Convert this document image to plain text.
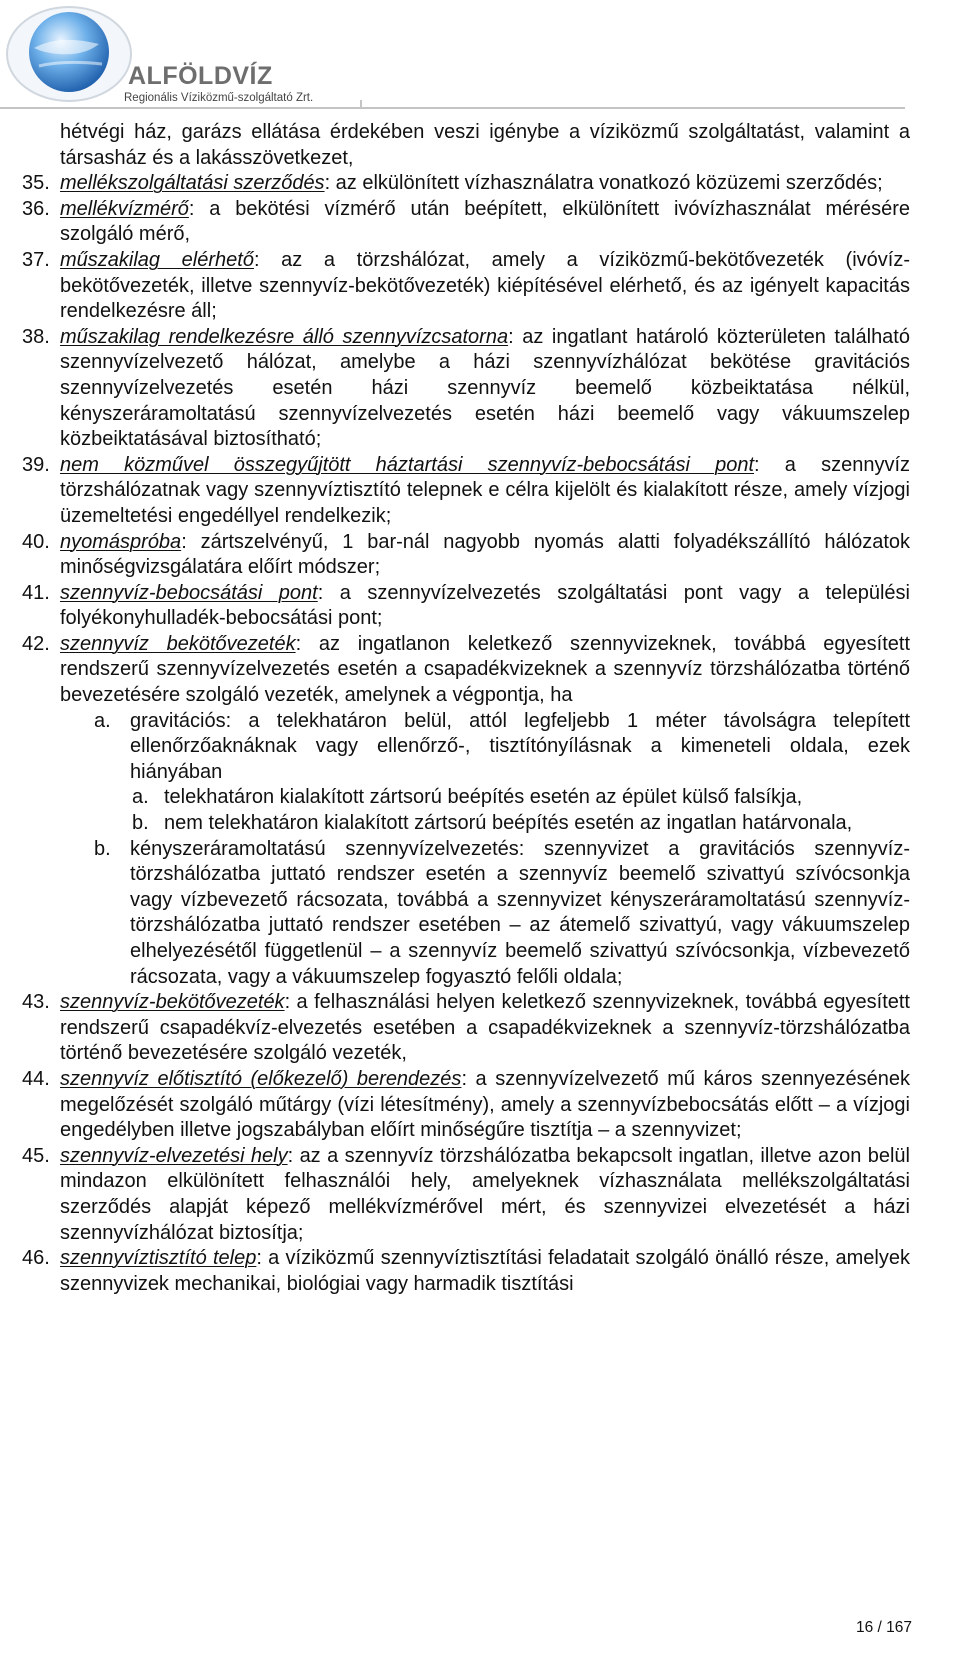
ALFÖLDVÍZ
Regionális Víziközmű-szolgáltató Zrt.
hétvégi ház, garázs ellátása érdekében veszi igénybe a víziközmű szolgáltatást, valamint a társasház és a lakásszövetkezet,
35. mellékszolgáltatási szerződés: az elkülönített vízhasználatra vonatkozó közüzemi szerződés;
36. mellékvízmérő: a bekötési vízmérő után beépített, elkülönített ivóvízhasználat mérésére szolgáló mérő,
37. műszakilag elérhető: az a törzshálózat, amely a víziközmű-bekötővezeték (ivóvíz-bekötővezeték, illetve szennyvíz-bekötővezeték) kiépítésével elérhető, és az igényelt kapacitás rendelkezésre áll;
38. műszakilag rendelkezésre álló szennyvízcsatorna: az ingatlant határoló közterületen található szennyvízelvezető hálózat, amelybe a házi szennyvízhálózat bekötése gravitációs szennyvízelvezetés esetén házi szennyvíz beemelő közbeiktatása nélkül, kényszeráramoltatású szennyvízelvezetés esetén házi beemelő vagy vákuumszelep közbeiktatásával biztosítható;
39. nem közművel összegyűjtött háztartási szennyvíz-bebocsátási pont: a szennyvíz törzshálózatnak vagy szennyvíztisztító telepnek e célra kijelölt és kialakított része, amely vízjogi üzemeltetési engedéllyel rendelkezik;
40. nyomáspróba: zártszelvényű, 1 bar-nál nagyobb nyomás alatti folyadékszállító hálózatok minőségvizsgálatára előírt módszer;
41. szennyvíz-bebocsátási pont: a szennyvízelvezetés szolgáltatási pont vagy a települési folyékonyhulladék-bebocsátási pont;
42. szennyvíz bekötővezeték: az ingatlanon keletkező szennyvizeknek, továbbá egyesített rendszerű szennyvízelvezetés esetén a csapadékvizeknek a szennyvíz törzshálózatba történő bevezetésére szolgáló vezeték, amelynek a végpontja, ha
a. gravitációs: a telekhatáron belül, attól legfeljebb 1 méter távolságra telepített ellenőrzőaknáknak vagy ellenőrző-, tisztítónyílásnak a kimeneteli oldala, ezek hiányában
a. telekhatáron kialakított zártsorú beépítés esetén az épület külső falsíkja,
b. nem telekhatáron kialakított zártsorú beépítés esetén az ingatlan határvonala,
b. kényszeráramoltatású szennyvízelvezetés: szennyvizet a gravitációs szennyvíz-törzshálózatba juttató rendszer esetén a szennyvíz beemelő szivattyú szívócsonkja vagy vízbevezető rácsozata, továbbá a szennyvizet kényszeráramoltatású szennyvíz-törzshálózatba juttató rendszer esetében – az átemelő szivattyú, vagy vákuumszelep elhelyezésétől függetlenül – a szennyvíz beemelő szivattyú szívócsonkja, vízbevezető rácsozata, vagy a vákuumszelep fogyasztó felőli oldala;
43. szennyvíz-bekötővezeték: a felhasználási helyen keletkező szennyvizeknek, továbbá egyesített rendszerű csapadékvíz-elvezetés esetében a csapadékvizeknek a szennyvíz-törzshálózatba történő bevezetésére szolgáló vezeték,
44. szennyvíz előtisztító (előkezelő) berendezés: a szennyvízelvezető mű káros szennyezésének megelőzését szolgáló műtárgy (vízi létesítmény), amely a szennyvízbebocsátás előtt – a vízjogi engedélyben illetve jogszabályban előírt minőségűre tisztítja – a szennyvizet;
45. szennyvíz-elvezetési hely: az a szennyvíz törzshálózatba bekapcsolt ingatlan, illetve azon belül mindazon elkülönített felhasználói hely, amelyeknek vízhasználata mellékszolgáltatási szerződés alapját képező mellékvízmérővel mért, és szennyvizei elvezetését a házi szennyvízhálózat biztosítja;
46. szennyvíztisztító telep: a víziközmű szennyvíztisztítási feladatait szolgáló önálló része, amelyek szennyvizek mechanikai, biológiai vagy harmadik tisztítási
16 / 167
